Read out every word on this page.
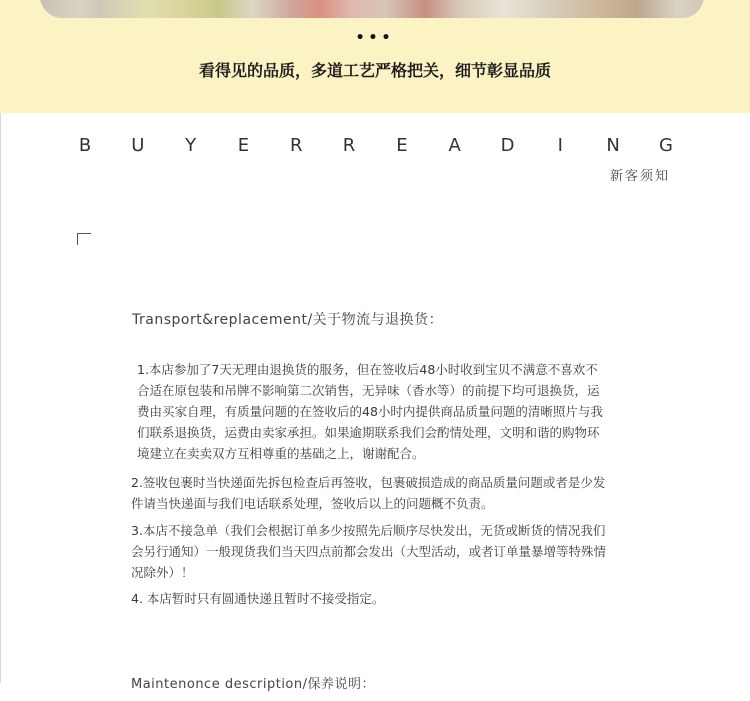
•••
看得见的品质，多道工艺严格把关，细节彰显品质
B U Y E R R E A D I N G
新客须知
Transport&replacement/关于物流与退换货：
1.本店参加了7天无理由退换货的服务，但在签收后48小时收到宝贝不满意不喜欢不合适在原包装和吊牌不影响第二次销售，无异味（香水等）的前提下均可退换货，运费由买家自理，有质量问题的在签收后的48小时内提供商品质量问题的清晰照片与我们联系退换货，运费由卖家承担。如果逾期联系我们会酌情处理，文明和谐的购物环境建立在卖卖双方互相尊重的基础之上，谢谢配合。
2.签收包裹时当快递面先拆包检查后再签收，包裹破损造成的商品质量问题或者是少发件请当快递面与我们电话联系处理，签收后以上的问题概不负责。
3.本店不接急单（我们会根据订单多少按照先后顺序尽快发出，无货或断货的情况我们会另行通知）一般现货我们当天四点前都会发出（大型活动，或者订单量暴增等特殊情况除外）！
4. 本店暂时只有圆通快递且暂时不接受指定。
Maintenonce description/保养说明：
